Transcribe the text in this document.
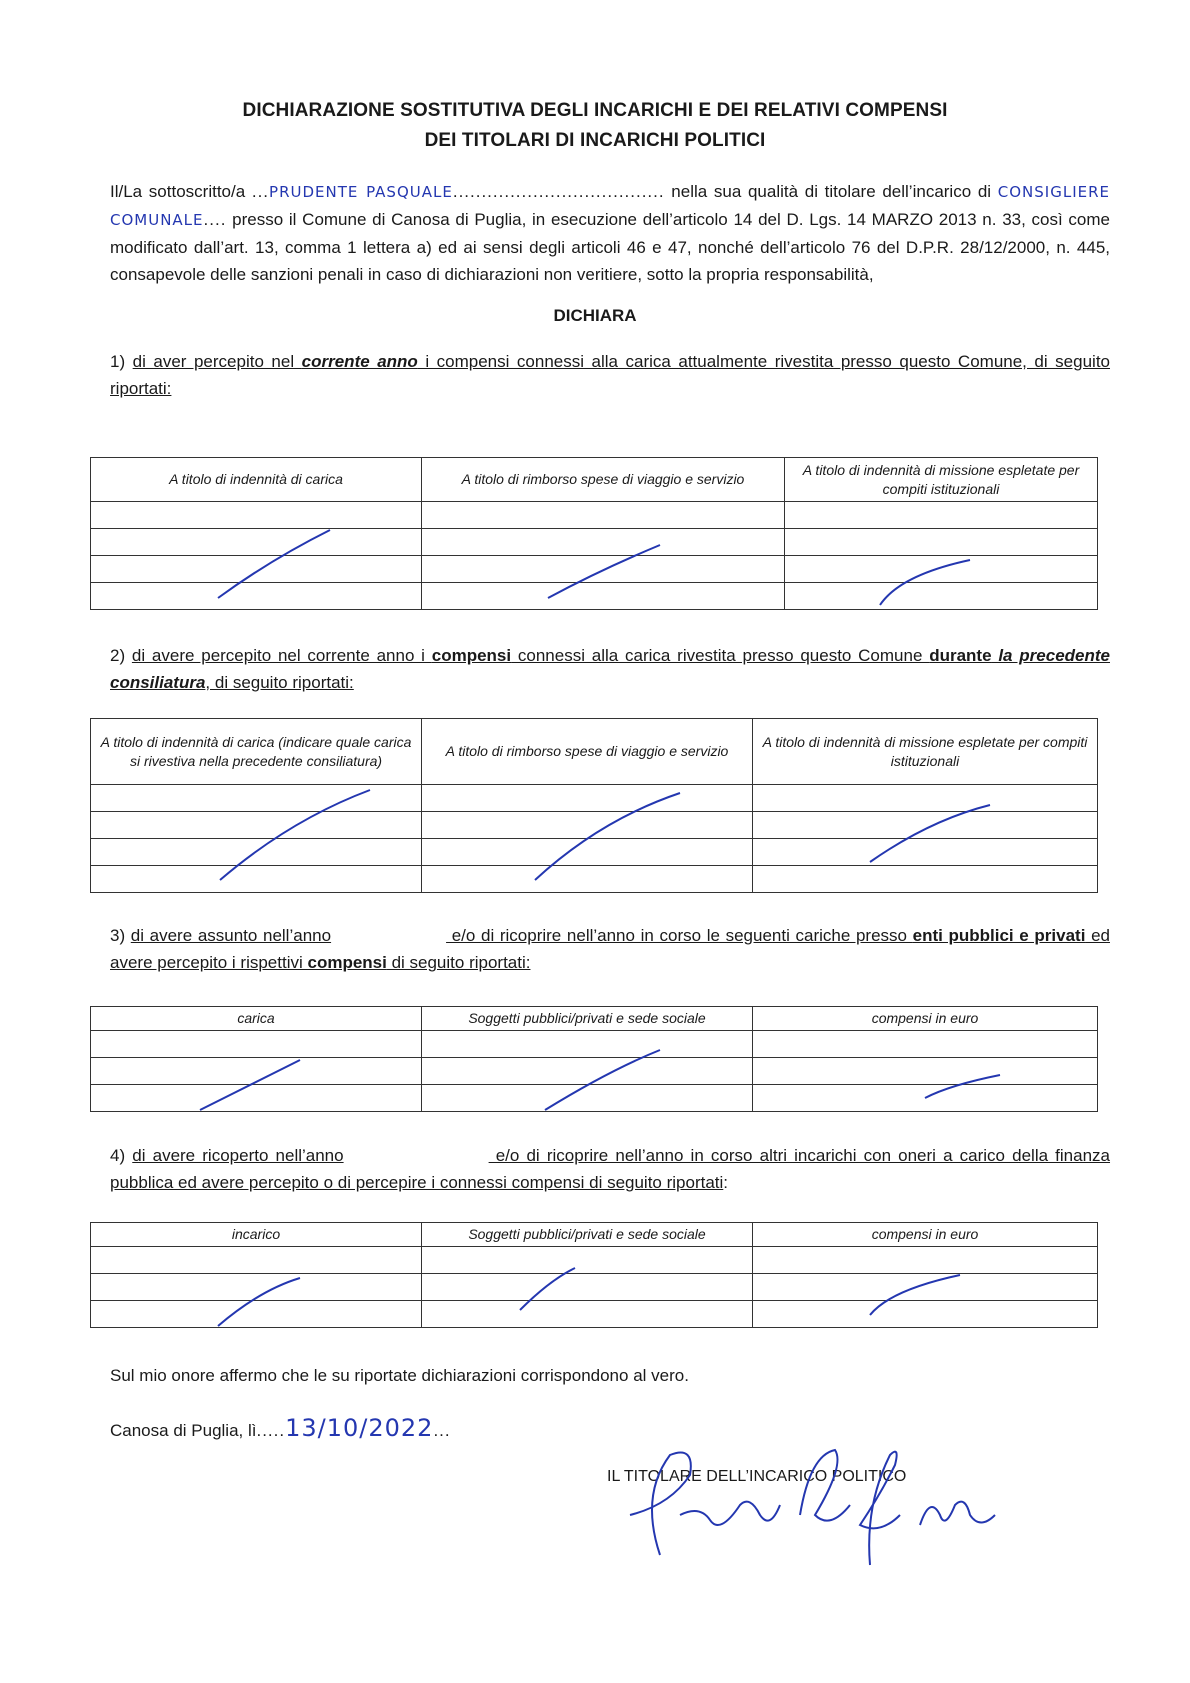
DICHIARAZIONE SOSTITUTIVA DEGLI INCARICHI E DEI RELATIVI COMPENSI
DEI TITOLARI DI INCARICHI POLITICI
Il/La sottoscritto/a ...PRUDENTE PASQUALE..................................... nella sua qualità di titolare dell’incarico di CONSIGLIERE COMUNALE.... presso il Comune di Canosa di Puglia, in esecuzione dell’articolo 14 del D. Lgs. 14 MARZO 2013 n. 33, così come modificato dall’art. 13, comma 1 lettera a) ed ai sensi degli articoli 46 e 47, nonché dell’articolo 76 del D.P.R. 28/12/2000, n. 445, consapevole delle sanzioni penali in caso di dichiarazioni non veritiere, sotto la propria responsabilità,
DICHIARA
1) di aver percepito nel corrente anno i compensi connessi alla carica attualmente rivestita presso questo Comune, di seguito riportati:
A titolo di indennità di carica	A titolo di rimborso spese di viaggio e servizio	A titolo di indennità di missione espletate per compiti istituzionali

2) di avere percepito nel corrente anno i compensi connessi alla carica rivestita presso questo Comune durante la precedente consiliatura, di seguito riportati:
A titolo di indennità di carica (indicare quale carica si rivestiva nella precedente consiliatura)	A titolo di rimborso spese di viaggio e servizio	A titolo di indennità di missione espletate per compiti istituzionali

3) di avere assunto nell’anno	e/o di ricoprire nell’anno in corso le seguenti cariche presso enti pubblici e privati ed avere percepito i rispettivi compensi di seguito riportati:
carica	Soggetti pubblici/privati e sede sociale	compensi in euro

4) di avere ricoperto nell’anno	e/o di ricoprire nell’anno in corso altri incarichi con oneri a carico della finanza pubblica ed avere percepito o di percepire i connessi compensi di seguito riportati:
incarico	Soggetti pubblici/privati e sede sociale	compensi in euro

Sul mio onore affermo che le su riportate dichiarazioni corrispondono al vero.
Canosa di Puglia, lì.....13/10/2022...
IL TITOLARE DELL’INCARICO POLITICO
